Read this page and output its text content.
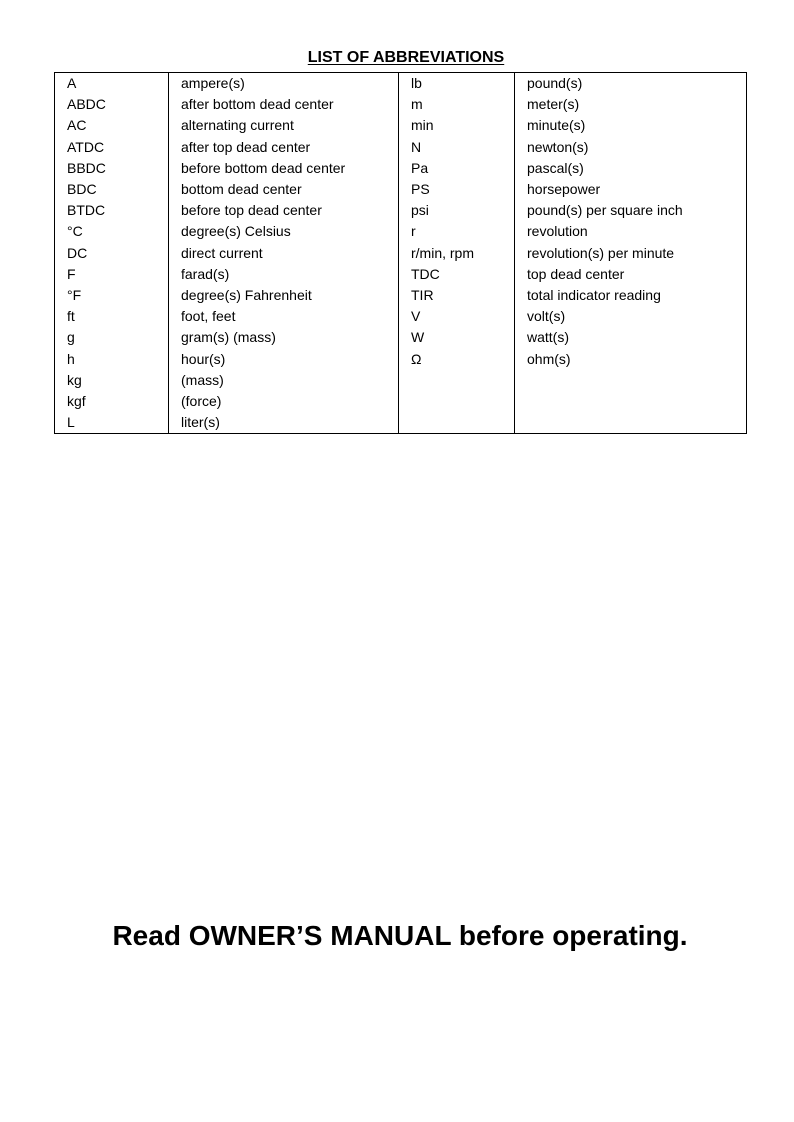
LIST OF ABBREVIATIONS
A	ampere(s)	lb	pound(s)
ABDC	after bottom dead center	m	meter(s)
AC	alternating current	min	minute(s)
ATDC	after top dead center	N	newton(s)
BBDC	before bottom dead center	Pa	pascal(s)
BDC	bottom dead center	PS	horsepower
BTDC	before top dead center	psi	pound(s) per square inch
°C	degree(s) Celsius	r	revolution
DC	direct current	r/min, rpm	revolution(s) per minute
F	farad(s)	TDC	top dead center
°F	degree(s) Fahrenheit	TIR	total indicator reading
ft	foot, feet	V	volt(s)
g	gram(s) (mass)	W	watt(s)
h	hour(s)	Ω	ohm(s)
kg	(mass)		
kgf	(force)		
L	liter(s)		
Read OWNER’S MANUAL before operating.
